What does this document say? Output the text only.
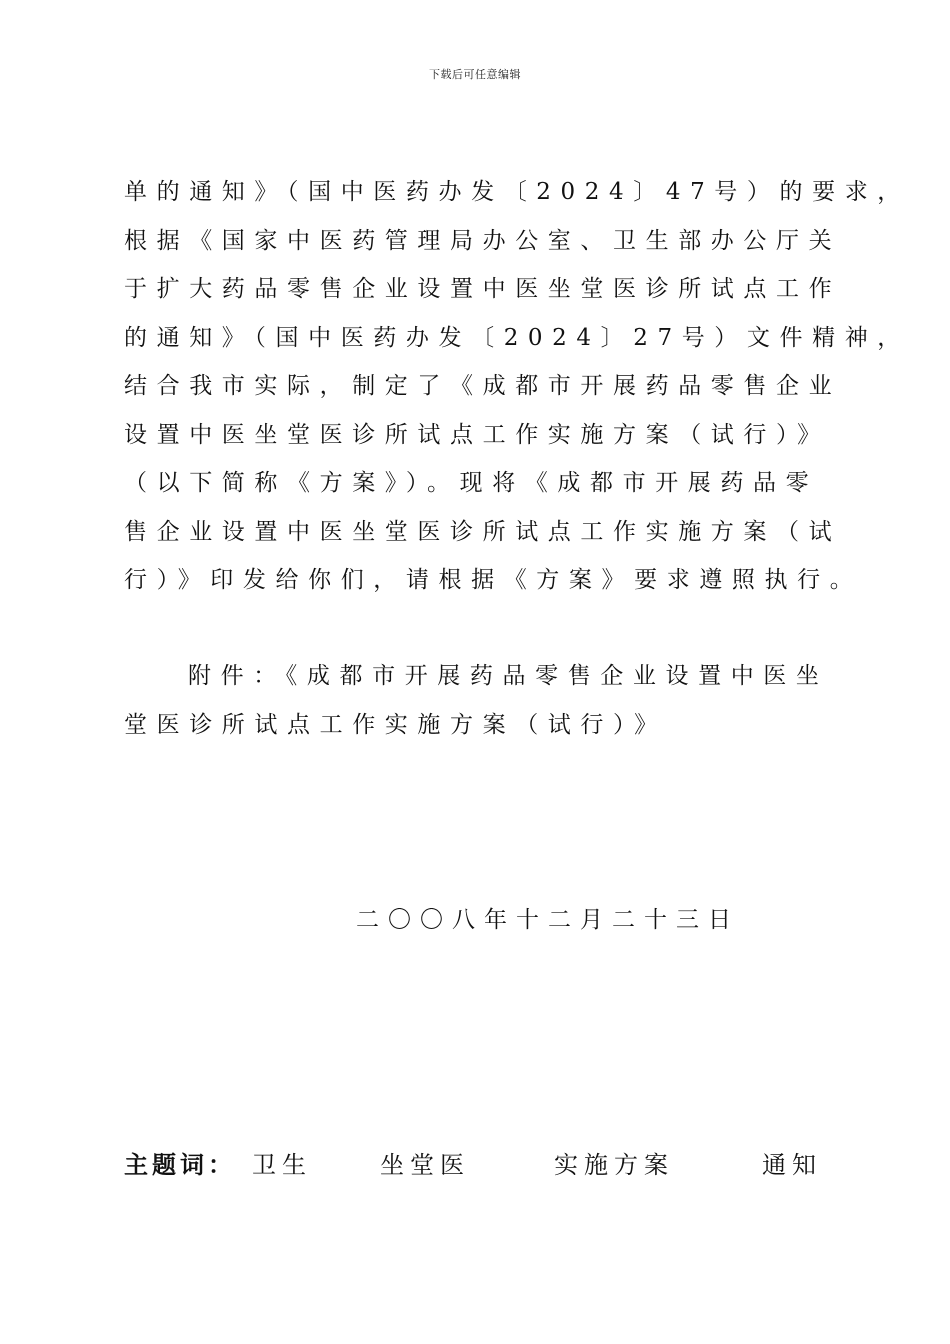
下载后可任意编辑
单的通知》（国中医药办发〔2024〕47号）的要求，
根据《国家中医药管理局办公室、卫生部办公厅关
于扩大药品零售企业设置中医坐堂医诊所试点工作
的通知》（国中医药办发〔2024〕27号）文件精神，
结合我市实际，制定了《成都市开展药品零售企业
设置中医坐堂医诊所试点工作实施方案（试行）》
（以下简称《方案》）。现将《成都市开展药品零
售企业设置中医坐堂医诊所试点工作实施方案（试
行）》印发给你们，请根据《方案》要求遵照执行。
附件：《成都市开展药品零售企业设置中医坐
堂医诊所试点工作实施方案（试行）》
二〇〇八年十二月二十三日
主题词： 卫生	坐堂医	实施方案	通知
